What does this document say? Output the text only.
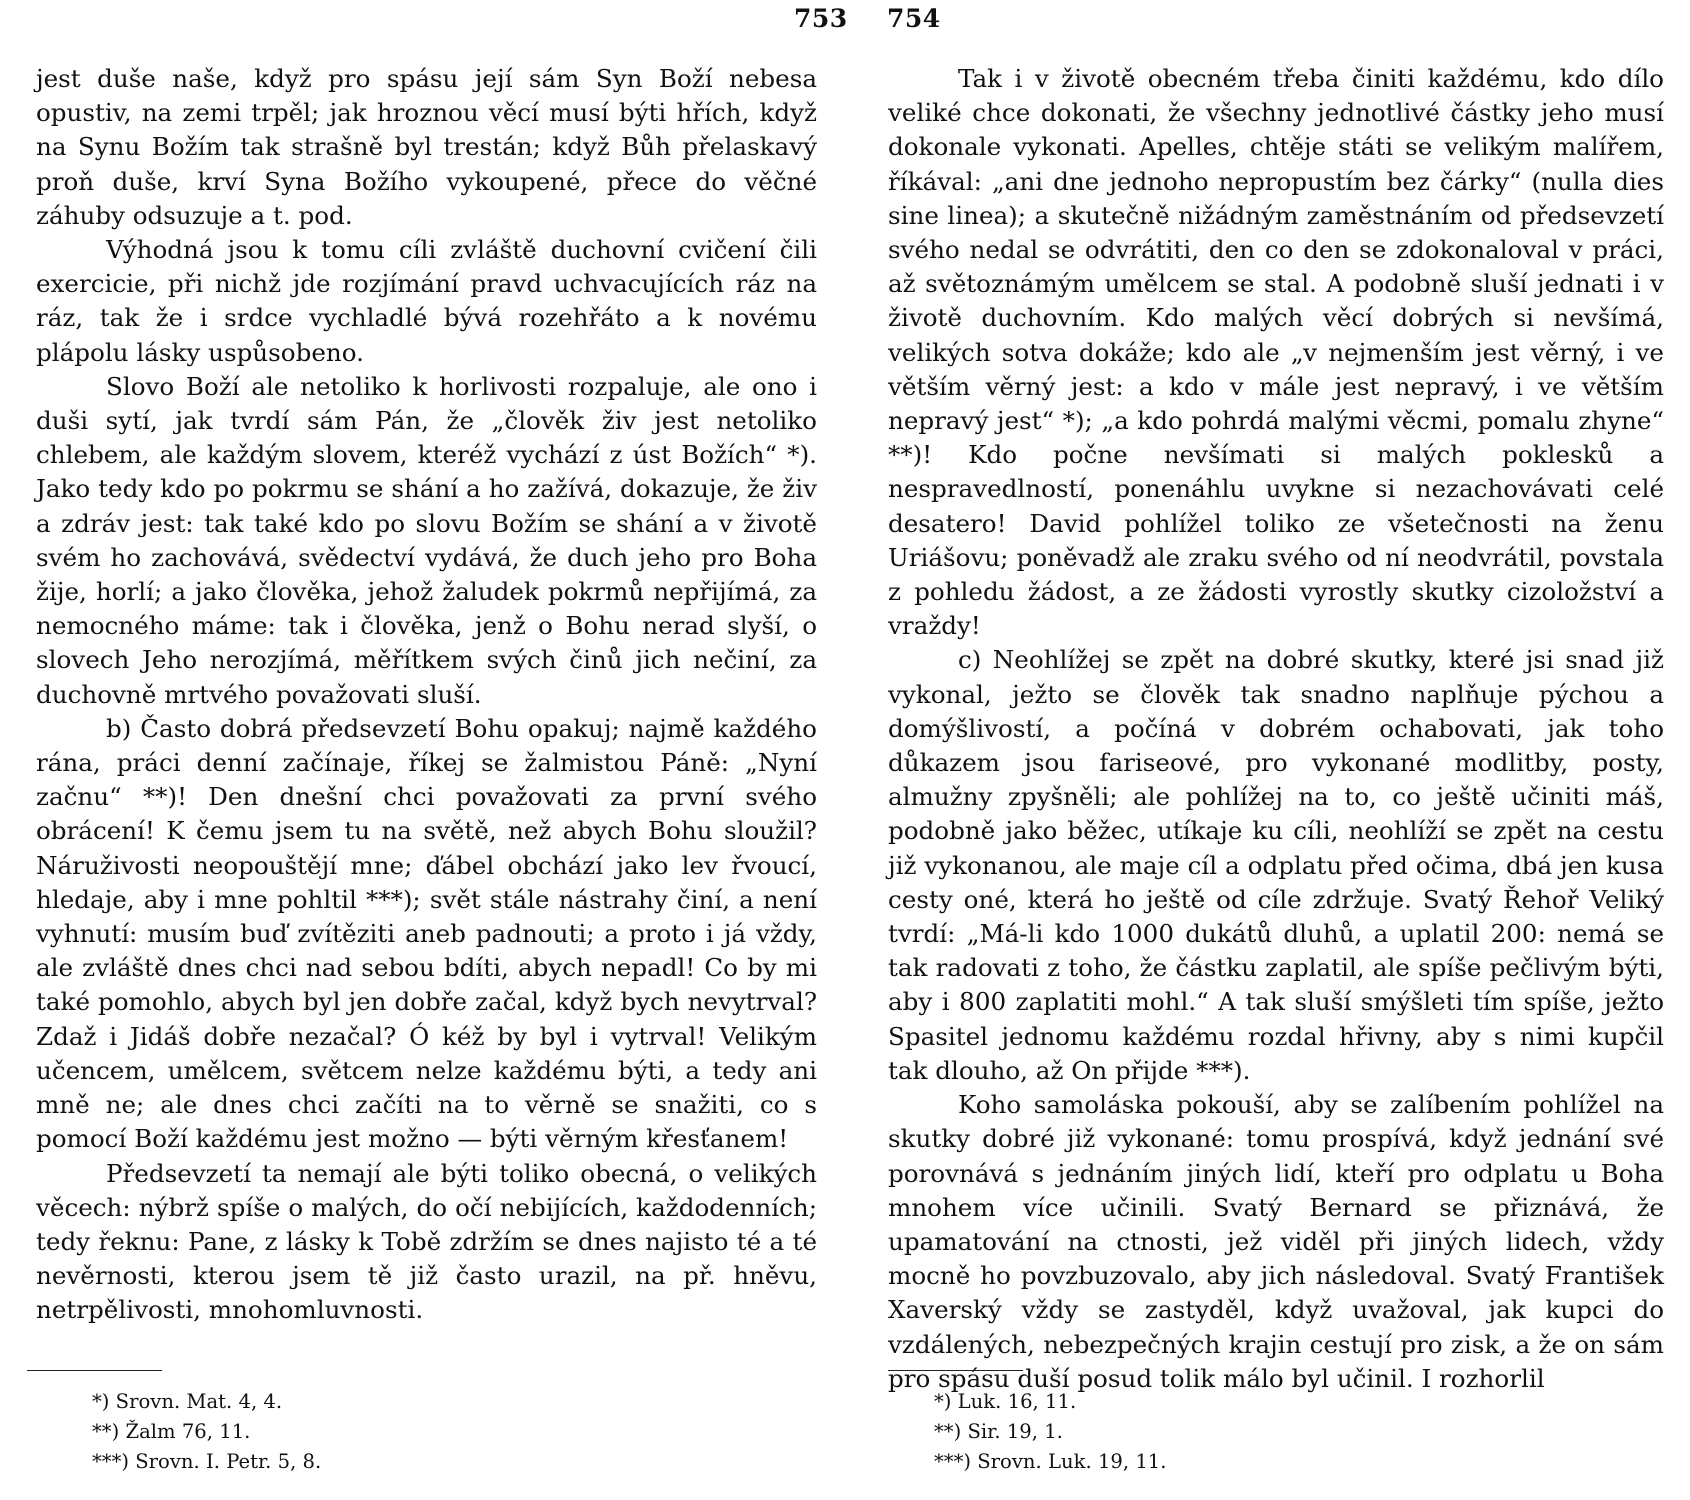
753 754

jest duše naše, když pro spásu její sám Syn Boží nebesa opustiv, na zemi trpěl; jak hroznou věcí musí býti hřích, když na Synu Božím tak strašně byl trestán; když Bůh přelaskavý proň duše, krví Syna Božího vykoupené, přece do věčné záhuby odsuzuje a t. pod.

Výhodná jsou k tomu cíli zvláště duchovní cvičení čili exercicie, při nichž jde rozjímání pravd uchvacujících ráz na ráz, tak že i srdce vychladlé bývá rozehřáto a k novému plápolu lásky uspůsobeno.

Slovo Boží ale netoliko k horlivosti rozpaluje, ale ono i duši sytí, jak tvrdí sám Pán, že „člověk živ jest netoliko chlebem, ale každým slovem, kteréž vychází z úst Božích“ *). Jako tedy kdo po pokrmu se shání a ho zažívá, dokazuje, že živ a zdráv jest: tak také kdo po slovu Božím se shání a v životě svém ho zachovává, svědectví vydává, že duch jeho pro Boha žije, horlí; a jako člověka, jehož žaludek pokrmů nepřijímá, za nemocného máme: tak i člověka, jenž o Bohu nerad slyší, o slovech Jeho nerozjímá, měřítkem svých činů jich nečiní, za duchovně mrtvého považovati sluší.

b) Často dobrá předsevzetí Bohu opakuj; najmě každého rána, práci denní začínaje, říkej se žalmistou Páně: „Nyní začnu“ **)! Den dnešní chci považovati za první svého obrácení! K čemu jsem tu na světě, než abych Bohu sloužil? Náruživosti neopouštějí mne; ďábel obchází jako lev řvoucí, hledaje, aby i mne pohltil ***); svět stále nástrahy činí, a není vyhnutí: musím buď zvítěziti aneb padnouti; a proto i já vždy, ale zvláště dnes chci nad sebou bdíti, abych nepadl! Co by mi také pomohlo, abych byl jen dobře začal, když bych nevytrval? Zdaž i Jidáš dobře nezačal? Ó kéž by byl i vytrval! Velikým učencem, umělcem, světcem nelze každému býti, a tedy ani mně ne; ale dnes chci začíti na to věrně se snažiti, co s pomocí Boží každému jest možno — býti věrným křesťanem!

Předsevzetí ta nemají ale býti toliko obecná, o velikých věcech: nýbrž spíše o malých, do očí nebijících, každodenních; tedy řeknu: Pane, z lásky k Tobě zdržím se dnes najisto té a té nevěrnosti, kterou jsem tě již často urazil, na př. hněvu, netrpělivosti, mnohomluvnosti.

Tak i v životě obecném třeba činiti každému, kdo dílo veliké chce dokonati, že všechny jednotlivé částky jeho musí dokonale vykonati. Apelles, chtěje státi se velikým malířem, říkával: „ani dne jednoho nepropustím bez čárky“ (nulla dies sine linea); a skutečně nižádným zaměstnáním od předsevzetí svého nedal se odvrátiti, den co den se zdokonaloval v práci, až světoznámým umělcem se stal. A podobně sluší jednati i v životě duchovním. Kdo malých věcí dobrých si nevšímá, velikých sotva dokáže; kdo ale „v nejmenším jest věrný, i ve větším věrný jest: a kdo v mále jest nepravý, i ve větším nepravý jest“ *); „a kdo pohrdá malými věcmi, pomalu zhyne“ **)! Kdo počne nevšímati si malých poklesků a nespravedlností, ponenáhlu uvykne si nezachovávati celé desatero! David pohlížel toliko ze všetečnosti na ženu Uriášovu; poněvadž ale zraku svého od ní neodvrátil, povstala z pohledu žádost, a ze žádosti vyrostly skutky cizoložství a vraždy!

c) Neohlížej se zpět na dobré skutky, které jsi snad již vykonal, ježto se člověk tak snadno naplňuje pýchou a domýšlivostí, a počíná v dobrém ochabovati, jak toho důkazem jsou fariseové, pro vykonané modlitby, posty, almužny zpyšněli; ale pohlížej na to, co ještě učiniti máš, podobně jako běžec, utíkaje ku cíli, neohlíží se zpět na cestu již vykonanou, ale maje cíl a odplatu před očima, dbá jen kusa cesty oné, která ho ještě od cíle zdržuje. Svatý Řehoř Veliký tvrdí: „Má-li kdo 1000 dukátů dluhů, a uplatil 200: nemá se tak radovati z toho, že částku zaplatil, ale spíše pečlivým býti, aby i 800 zaplatiti mohl.“ A tak sluší smýšleti tím spíše, ježto Spasitel jednomu každému rozdal hřivny, aby s nimi kupčil tak dlouho, až On přijde ***).

Koho samoláska pokouší, aby se zalíbením pohlížel na skutky dobré již vykonané: tomu prospívá, když jednání své porovnává s jednáním jiných lidí, kteří pro odplatu u Boha mnohem více učinili. Svatý Bernard se přiznává, že upamatování na ctnosti, jež viděl při jiných lidech, vždy mocně ho povzbuzovalo, aby jich následoval. Svatý František Xaverský vždy se zastyděl, když uvažoval, jak kupci do vzdálených, nebezpečných krajin cestují pro zisk, a že on sám pro spásu duší posud tolik málo byl učinil. I rozhorlil

*) Srovn. Mat. 4, 4.
**) Žalm 76, 11.
***) Srovn. I. Petr. 5, 8.
*) Luk. 16, 11.
**) Sir. 19, 1.
***) Srovn. Luk. 19, 11.
